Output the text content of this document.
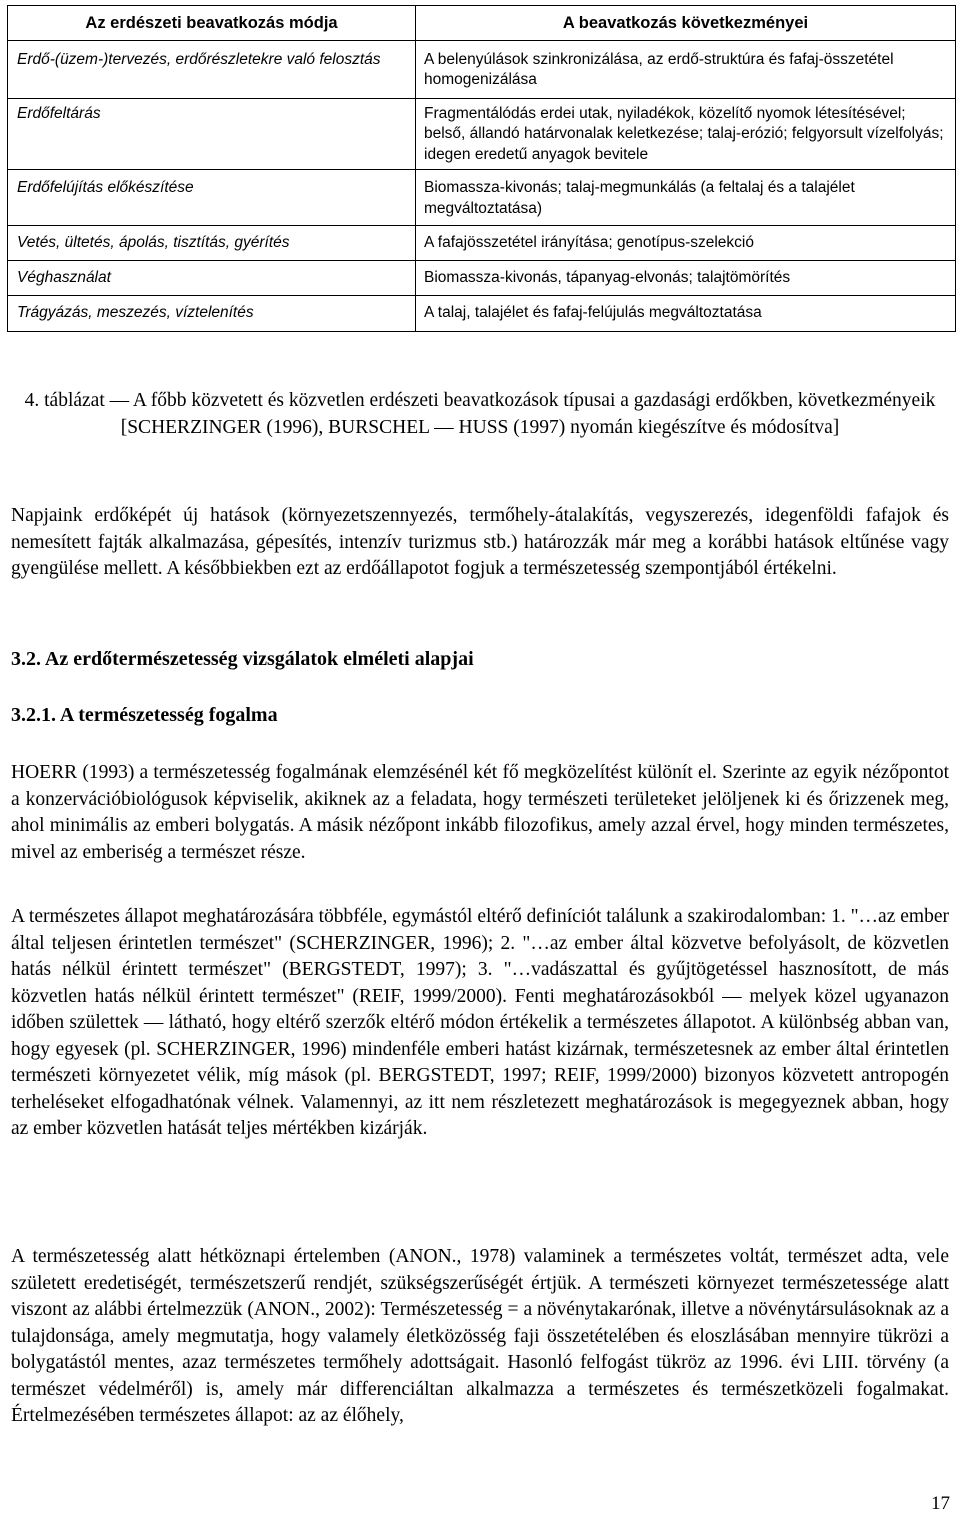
Az erdészeti beavatkozás módja	A beavatkozás következményei
Erdő-(üzem-)tervezés, erdőrészletekre való felosztás	A belenyúlások szinkronizálása, az erdő-struktúra és fafaj-összetétel homogenizálása
Erdőfeltárás	Fragmentálódás erdei utak, nyiladékok, közelítő nyomok létesítésével; belső, állandó határvonalak keletkezése; talaj-erózió; felgyorsult vízelfolyás; idegen eredetű anyagok bevitele
Erdőfelújítás előkészítése	Biomassza-kivonás; talaj-megmunkálás (a feltalaj és a talajélet megváltoztatása)
Vetés, ültetés, ápolás, tisztítás, gyérítés	A fafajösszetétel irányítása; genotípus-szelekció
Véghasználat	Biomassza-kivonás, tápanyag-elvonás; talajtömörítés
Trágyázás, meszezés, víztelenítés	A talaj, talajélet és fafaj-felújulás megváltoztatása
4. táblázat ― A főbb közvetett és közvetlen erdészeti beavatkozások típusai a gazdasági erdőkben, következményeik [SCHERZINGER (1996), BURSCHEL ― HUSS (1997) nyomán kiegészítve és módosítva]
Napjaink erdőképét új hatások (környezetszennyezés, termőhely-átalakítás, vegyszerezés, idegenföldi fafajok és nemesített fajták alkalmazása, gépesítés, intenzív turizmus stb.) határozzák már meg a korábbi hatások eltűnése vagy gyengülése mellett. A későbbiekben ezt az erdőállapotot fogjuk a természetesség szempontjából értékelni.
3.2. Az erdőtermészetesség vizsgálatok elméleti alapjai
3.2.1. A természetesség fogalma
HOERR (1993) a természetesség fogalmának elemzésénél két fő megközelítést különít el. Szerinte az egyik nézőpontot a konzervációbiológusok képviselik, akiknek az a feladata, hogy természeti területeket jelöljenek ki és őrizzenek meg, ahol minimális az emberi bolygatás. A másik nézőpont inkább filozofikus, amely azzal érvel, hogy minden természetes, mivel az emberiség a természet része.
A természetes állapot meghatározására többféle, egymástól eltérő definíciót találunk a szakirodalomban: 1. "…az ember által teljesen érintetlen természet" (SCHERZINGER, 1996); 2. "…az ember által közvetve befolyásolt, de közvetlen hatás nélkül érintett természet" (BERGSTEDT, 1997); 3. "…vadászattal és gyűjtögetéssel hasznosított, de más közvetlen hatás nélkül érintett természet" (REIF, 1999/2000). Fenti meghatározásokból ― melyek közel ugyanazon időben születtek ― látható, hogy eltérő szerzők eltérő módon értékelik a természetes állapotot. A különbség abban van, hogy egyesek (pl. SCHERZINGER, 1996) mindenféle emberi hatást kizárnak, természetesnek az ember által érintetlen természeti környezetet vélik, míg mások (pl. BERGSTEDT, 1997; REIF, 1999/2000) bizonyos közvetett antropogén terheléseket elfogadhatónak vélnek. Valamennyi, az itt nem részletezett meghatározások is megegyeznek abban, hogy az ember közvetlen hatását teljes mértékben kizárják.
A természetesség alatt hétköznapi értelemben (ANON., 1978) valaminek a természetes voltát, természet adta, vele született eredetiségét, természetszerű rendjét, szükségszerűségét értjük. A természeti környezet természetessége alatt viszont az alábbi értelmezzük (ANON., 2002): Természetesség = a növénytakarónak, illetve a növénytársulásoknak az a tulajdonsága, amely megmutatja, hogy valamely életközösség faji összetételében és eloszlásában mennyire tükrözi a bolygatástól mentes, azaz természetes termőhely adottságait. Hasonló felfogást tükröz az 1996. évi LIII. törvény (a természet védelméről) is, amely már differenciáltan alkalmazza a természetes és természetközeli fogalmakat. Értelmezésében természetes állapot: az az élőhely,
17
